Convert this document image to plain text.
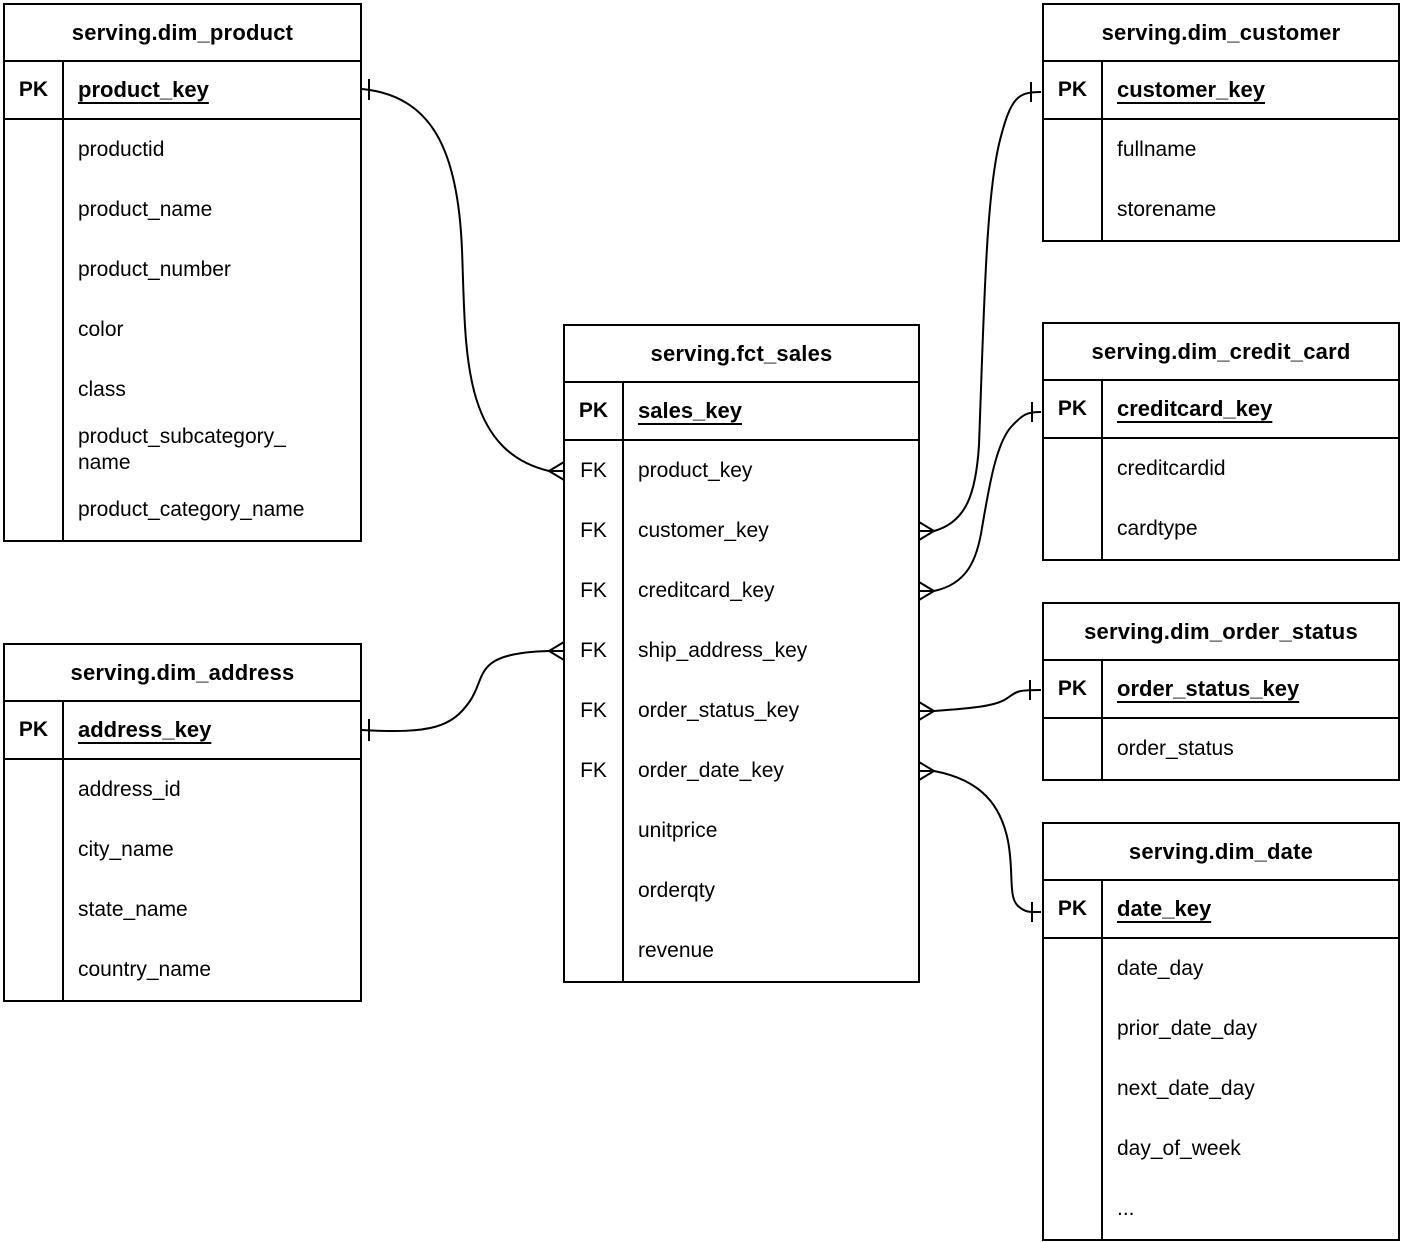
serving.dim_product
PK	product_key
productid
product_name
product_number
color
class
product_subcategory_
name
product_category_name
serving.dim_customer
PK	customer_key
fullname
storename
serving.fct_sales
PK	sales_key
FK	product_key
FK	customer_key
FK	creditcard_key
FK	ship_address_key
FK	order_status_key
FK	order_date_key
unitprice
orderqty
revenue
serving.dim_credit_card
PK	creditcard_key
creditcardid
cardtype
serving.dim_order_status
PK	order_status_key
order_status
serving.dim_date
PK	date_key
date_day
prior_date_day
next_date_day
day_of_week
...
serving.dim_address
PK	address_key
address_id
city_name
state_name
country_name
